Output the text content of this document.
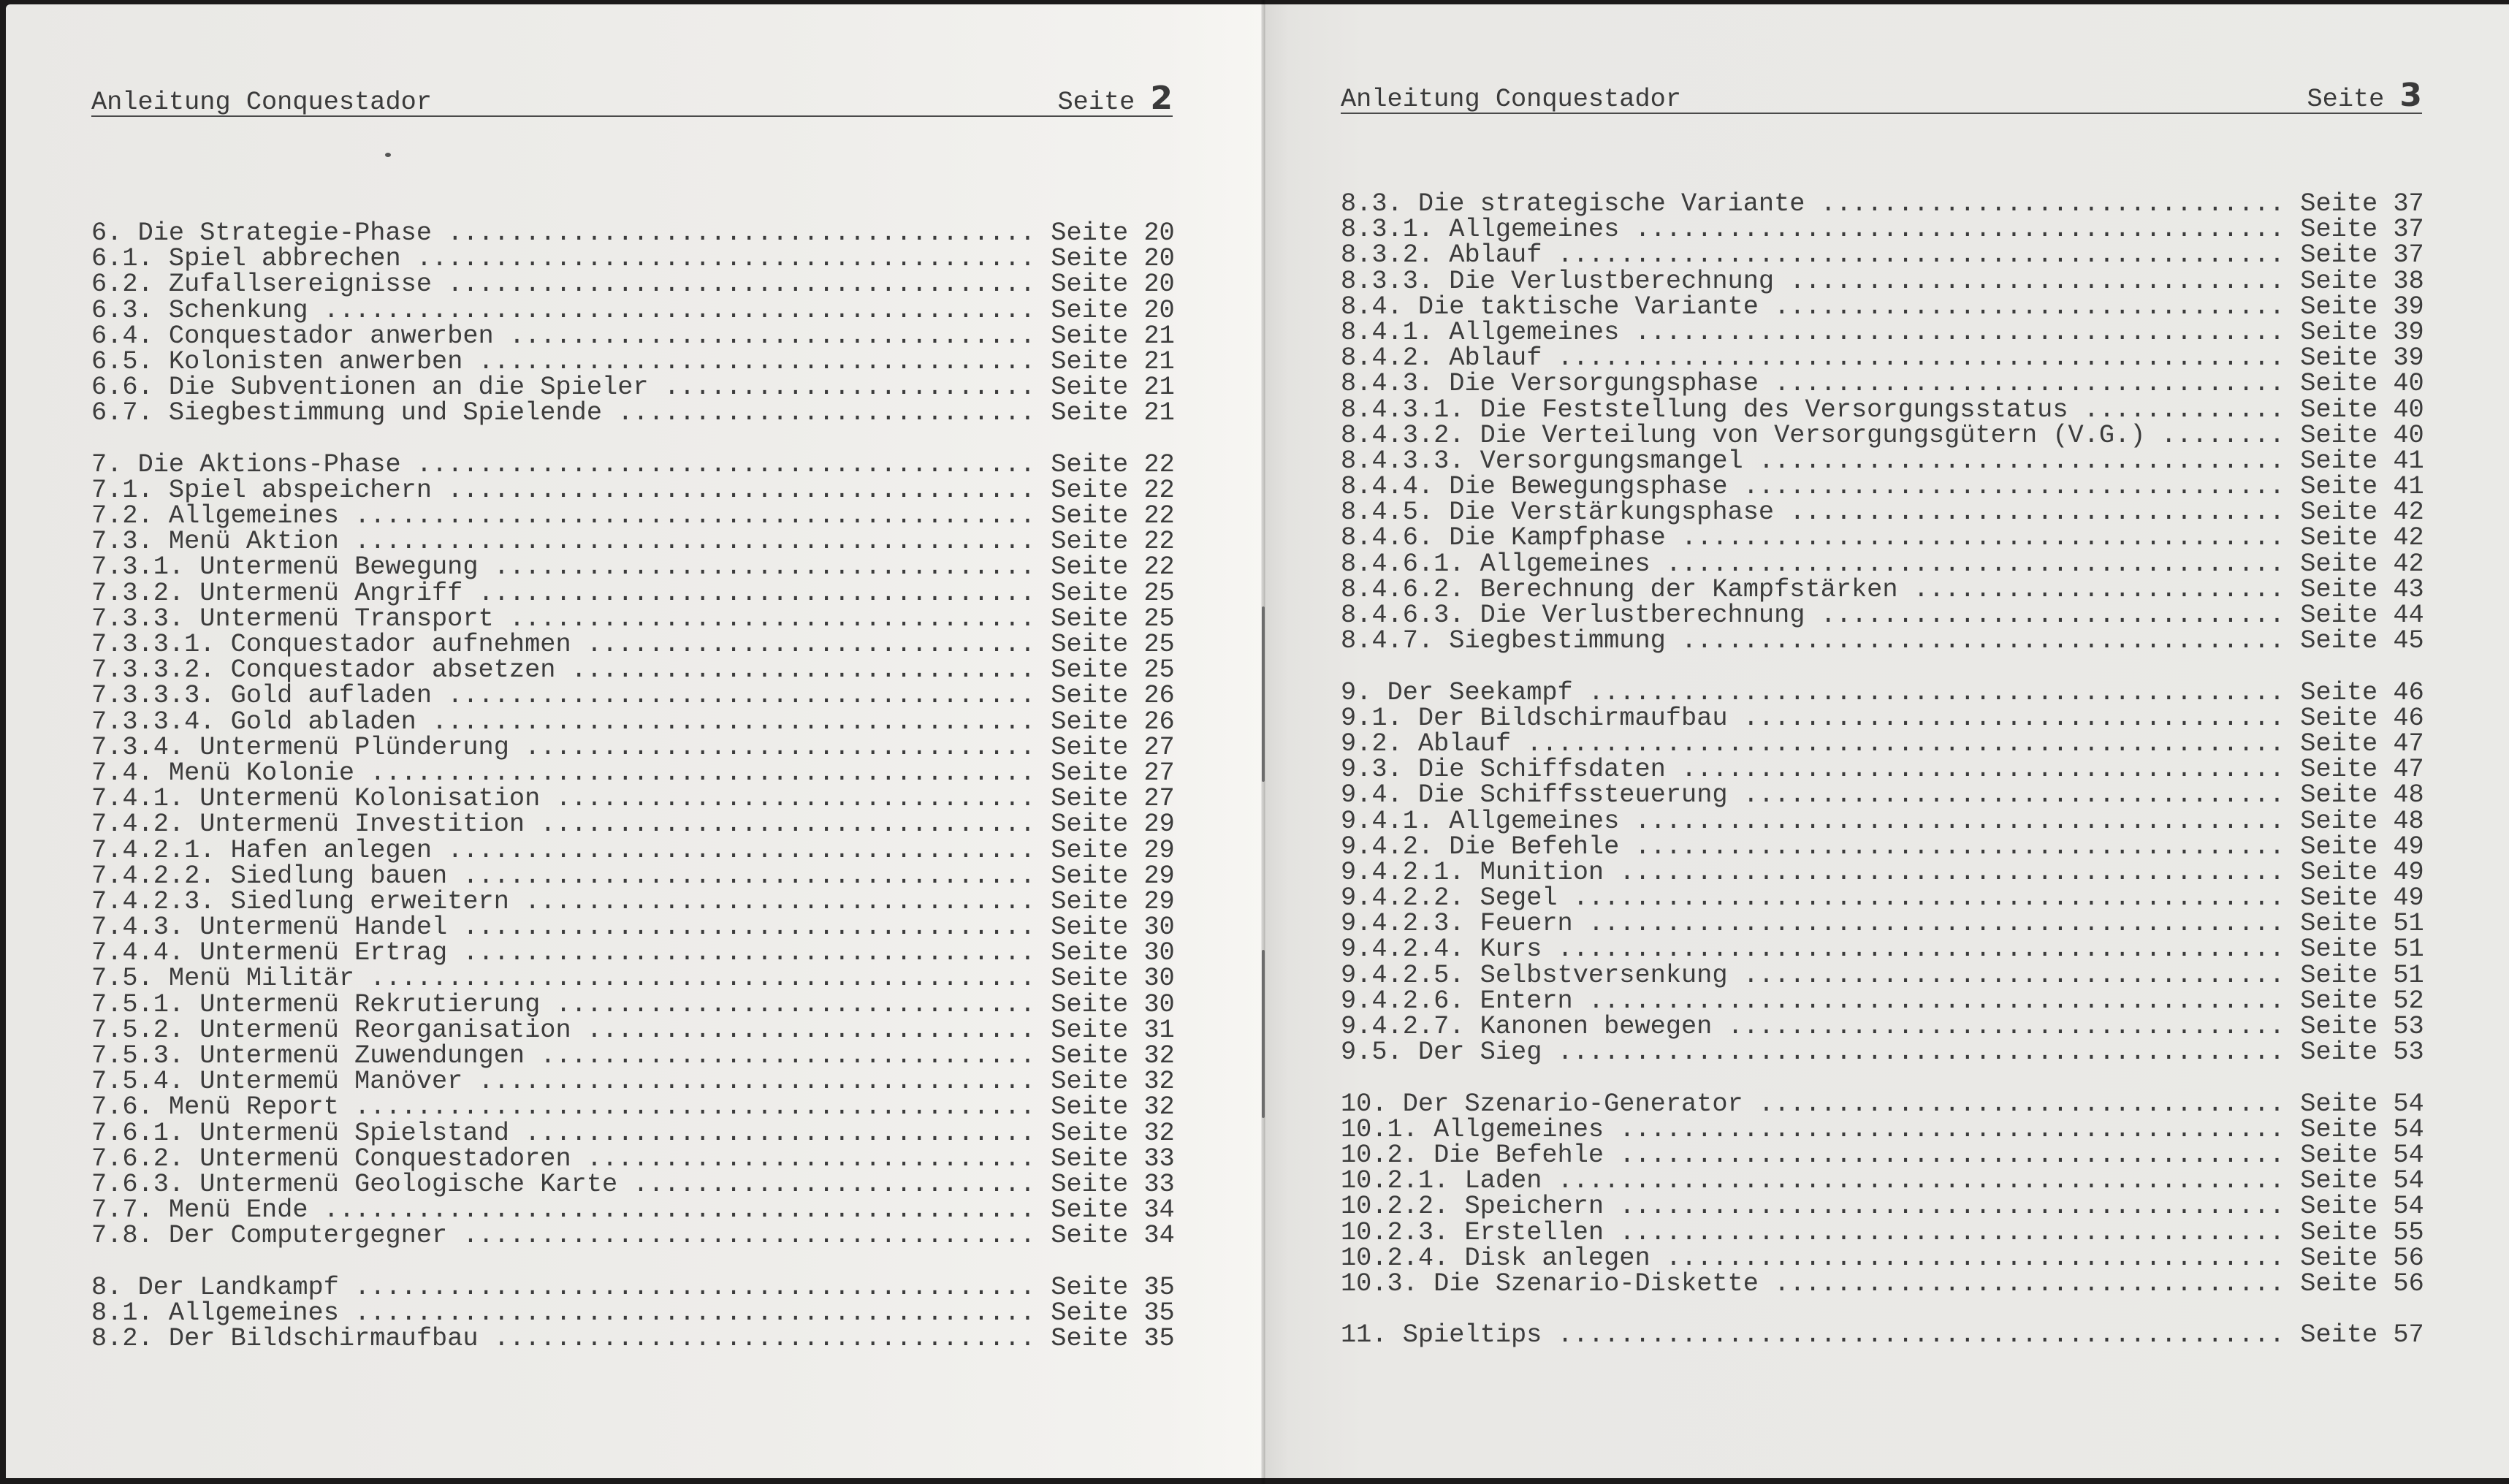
Anleitung Conquestador	Seite 2	Anleitung Conquestador	Seite 3
6. Die Strategie-Phase ...................................... Seite 20
6.1. Spiel abbrechen ........................................ Seite 20
6.2. Zufallsereignisse ...................................... Seite 20
6.3. Schenkung .............................................. Seite 20
6.4. Conquestador anwerben .................................. Seite 21
6.5. Kolonisten anwerben .................................... Seite 21
6.6. Die Subventionen an die Spieler ........................ Seite 21
6.7. Siegbestimmung und Spielende ........................... Seite 21
7. Die Aktions-Phase ........................................ Seite 22
7.1. Spiel abspeichern ...................................... Seite 22
7.2. Allgemeines ............................................ Seite 22
7.3. Menü Aktion ............................................ Seite 22
7.3.1. Untermenü Bewegung ................................... Seite 22
7.3.2. Untermenü Angriff .................................... Seite 25
7.3.3. Untermenü Transport .................................. Seite 25
7.3.3.1. Conquestador aufnehmen ............................. Seite 25
7.3.3.2. Conquestador absetzen .............................. Seite 25
7.3.3.3. Gold aufladen ...................................... Seite 26
7.3.3.4. Gold abladen ....................................... Seite 26
7.3.4. Untermenü Plünderung ................................. Seite 27
7.4. Menü Kolonie ........................................... Seite 27
7.4.1. Untermenü Kolonisation ............................... Seite 27
7.4.2. Untermenü Investition ................................ Seite 29
7.4.2.1. Hafen anlegen ...................................... Seite 29
7.4.2.2. Siedlung bauen ..................................... Seite 29
7.4.2.3. Siedlung erweitern ................................. Seite 29
7.4.3. Untermenü Handel ..................................... Seite 30
7.4.4. Untermenü Ertrag ..................................... Seite 30
7.5. Menü Militär ........................................... Seite 30
7.5.1. Untermenü Rekrutierung ............................... Seite 30
7.5.2. Untermenü Reorganisation ............................. Seite 31
7.5.3. Untermenü Zuwendungen ................................ Seite 32
7.5.4. Untermemü Manöver .................................... Seite 32
7.6. Menü Report ............................................ Seite 32
7.6.1. Untermenü Spielstand ................................. Seite 32
7.6.2. Untermenü Conquestadoren ............................. Seite 33
7.6.3. Untermenü Geologische Karte .......................... Seite 33
7.7. Menü Ende .............................................. Seite 34
7.8. Der Computergegner ..................................... Seite 34
8. Der Landkampf ............................................ Seite 35
8.1. Allgemeines ............................................ Seite 35
8.2. Der Bildschirmaufbau ................................... Seite 35
8.3. Die strategische Variante .............................. Seite 37
8.3.1. Allgemeines .......................................... Seite 37
8.3.2. Ablauf ............................................... Seite 37
8.3.3. Die Verlustberechnung ................................ Seite 38
8.4. Die taktische Variante ................................. Seite 39
8.4.1. Allgemeines .......................................... Seite 39
8.4.2. Ablauf ............................................... Seite 39
8.4.3. Die Versorgungsphase ................................. Seite 40
8.4.3.1. Die Feststellung des Versorgungsstatus ............. Seite 40
8.4.3.2. Die Verteilung von Versorgungsgütern (V.G.) ........ Seite 40
8.4.3.3. Versorgungsmangel .................................. Seite 41
8.4.4. Die Bewegungsphase ................................... Seite 41
8.4.5. Die Verstärkungsphase ................................ Seite 42
8.4.6. Die Kampfphase ....................................... Seite 42
8.4.6.1. Allgemeines ........................................ Seite 42
8.4.6.2. Berechnung der Kampfstärken ........................ Seite 43
8.4.6.3. Die Verlustberechnung .............................. Seite 44
8.4.7. Siegbestimmung ....................................... Seite 45
9. Der Seekampf ............................................. Seite 46
9.1. Der Bildschirmaufbau ................................... Seite 46
9.2. Ablauf ................................................. Seite 47
9.3. Die Schiffsdaten ....................................... Seite 47
9.4. Die Schiffssteuerung ................................... Seite 48
9.4.1. Allgemeines .......................................... Seite 48
9.4.2. Die Befehle .......................................... Seite 49
9.4.2.1. Munition ........................................... Seite 49
9.4.2.2. Segel .............................................. Seite 49
9.4.2.3. Feuern ............................................. Seite 51
9.4.2.4. Kurs ............................................... Seite 51
9.4.2.5. Selbstversenkung ................................... Seite 51
9.4.2.6. Entern ............................................. Seite 52
9.4.2.7. Kanonen bewegen .................................... Seite 53
9.5. Der Sieg ............................................... Seite 53
10. Der Szenario-Generator .................................. Seite 54
10.1. Allgemeines ........................................... Seite 54
10.2. Die Befehle ........................................... Seite 54
10.2.1. Laden ............................................... Seite 54
10.2.2. Speichern ........................................... Seite 54
10.2.3. Erstellen ........................................... Seite 55
10.2.4. Disk anlegen ........................................ Seite 56
10.3. Die Szenario-Diskette ................................. Seite 56
11. Spieltips ............................................... Seite 57
